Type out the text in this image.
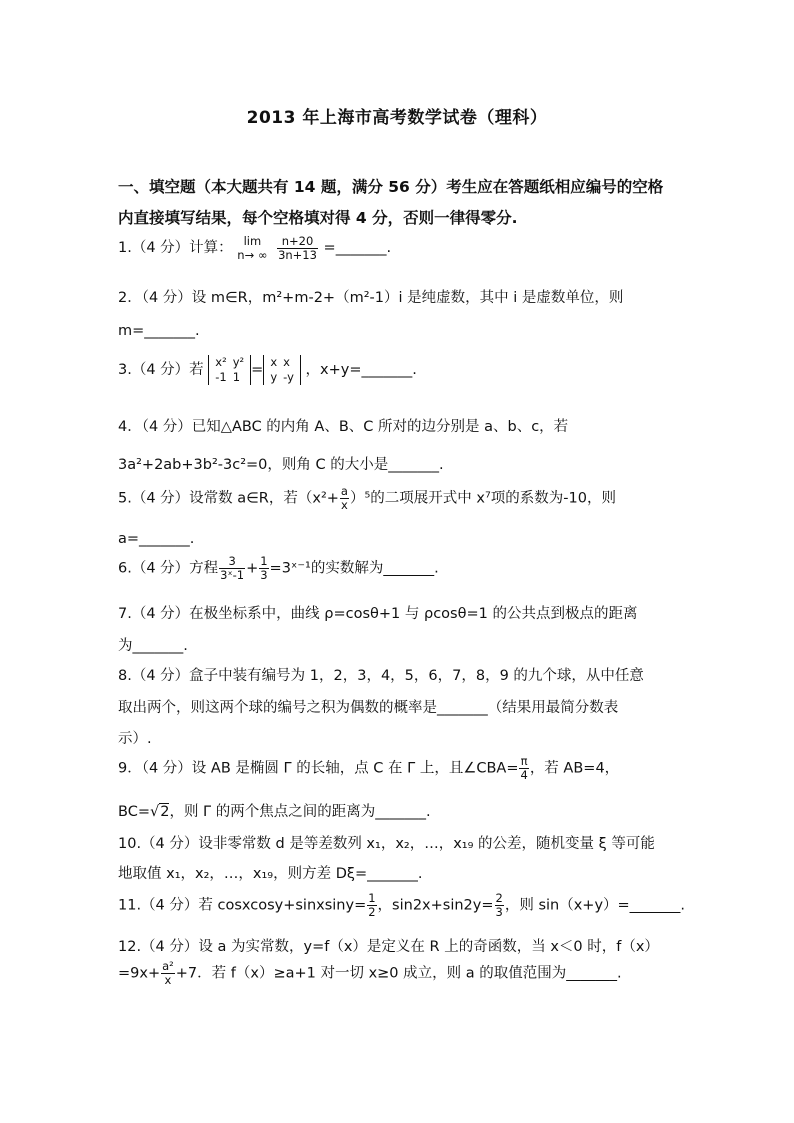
2013 年上海市高考数学试卷（理科）
一、填空题（本大题共有 14 题，满分 56 分）考生应在答题纸相应编号的空格
内直接填写结果，每个空格填对得 4 分，否则一律得零分.
1.（4 分）计算： lim
n→ ∞
$\frac{n+20}{3n+13}$ =_______.
2．（4 分）设 m∈R，m²+m-2+（m²-1）i 是纯虚数，其中 i 是虚数单位，则
m=_______.
3.（4 分）若 x²	y²
-1	1 = x	x
y	-y ，x+y=_______.
4．（4 分）已知△ABC 的内角 A、B、C 所对的边分别是 a、b、c，若
3a²+2ab+3b²-3c²=0，则角 C 的大小是_______.
5.（4 分）设常数 a∈R，若$(x^2+ \frac{a}{x} )^5$的二项展开式中 x⁷项的系数为-10，则
a=_______.
6.（4 分）方程 $\frac{3}{\text{3ˣ-1}} + \frac{1}{3}$ =3ˣ⁻¹的实数解为_______.
7.（4 分）在极坐标系中，曲线 ρ=cosθ+1 与 ρcosθ=1 的公共点到极点的距离
为_______.
8.（4 分）盒子中装有编号为 1，2，3，4，5，6，7，8，9 的九个球，从中任意
取出两个，则这两个球的编号之积为偶数的概率是_______（结果用最简分数表
示）.
9．（4 分）设 AB 是椭圆 Γ 的长轴，点 C 在 Γ 上，且∠CBA= $\frac{\pi}{4}$ ，若 AB=4，
BC=√2，则 Γ 的两个焦点之间的距离为_______.
10.（4 分）设非零常数 d 是等差数列 x₁，x₂，…，x₁₉ 的公差，随机变量 ξ 等可能
地取值 x₁，x₂，…，x₁₉，则方差 Dξ=_______.
11.（4 分）若 cosxcosy+sinxsiny= $\frac{1}{2}$ ，$\sin 2x+\sin 2y= \frac{2}{3}$ ，则 sin（x+y）=_______.
12.（4 分）设 a 为实常数，y=f（x）是定义在 R 上的奇函数，当 x＜0 时，f（x）
$=9x+ \frac{\text{a²}}{x} +7$．若 f（x）≥a+1 对一切 x≥0 成立，则 a 的取值范围为_______.
